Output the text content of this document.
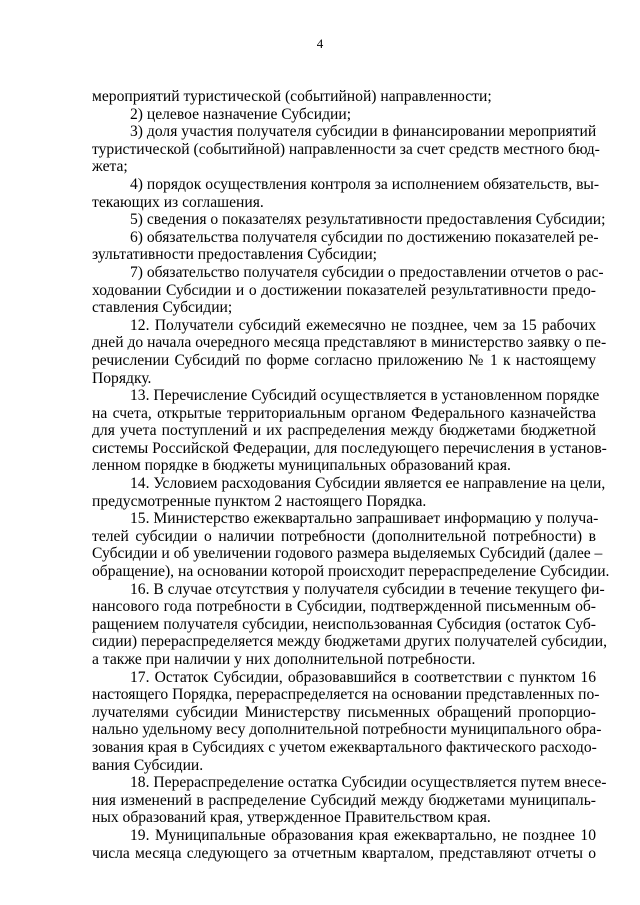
4
мероприятий туристической (событийной) направленности;
2) целевое назначение Субсидии;
3) доля участия получателя субсидии в финансировании мероприятий
туристической (событийной) направленности за счет средств местного бюд-
жета;
4) порядок осуществления контроля за исполнением обязательств, вы-
текающих из соглашения.
5) сведения о показателях результативности предоставления Субсидии;
6) обязательства получателя субсидии по достижению показателей ре-
зультативности предоставления Субсидии;
7) обязательство получателя субсидии о предоставлении отчетов о рас-
ходовании Субсидии и о достижении показателей результативности предо-
ставления Субсидии;
12. Получатели субсидий ежемесячно не позднее, чем за 15 рабочих
дней до начала очередного месяца представляют в министерство заявку о пе-
речислении Субсидий по форме согласно приложению № 1 к настоящему
Порядку.
13. Перечисление Субсидий осуществляется в установленном порядке
на счета, открытые территориальным органом Федерального казначейства
для учета поступлений и их распределения между бюджетами бюджетной
системы Российской Федерации, для последующего перечисления в установ-
ленном порядке в бюджеты муниципальных образований края.
14. Условием расходования Субсидии является ее направление на цели,
предусмотренные пунктом 2 настоящего Порядка.
15. Министерство ежеквартально запрашивает информацию у получа-
телей субсидии о наличии потребности (дополнительной потребности) в
Субсидии и об увеличении годового размера выделяемых Субсидий (далее –
обращение), на основании которой происходит перераспределение Субсидии.
16. В случае отсутствия у получателя субсидии в течение текущего фи-
нансового года потребности в Субсидии, подтвержденной письменным об-
ращением получателя субсидии, неиспользованная Субсидия (остаток Суб-
сидии) перераспределяется между бюджетами других получателей субсидии,
а также при наличии у них дополнительной потребности.
17. Остаток Субсидии, образовавшийся в соответствии с пунктом 16
настоящего Порядка, перераспределяется на основании представленных по-
лучателями субсидии Министерству письменных обращений пропорцио-
нально удельному весу дополнительной потребности муниципального обра-
зования края в Субсидиях с учетом ежеквартального фактического расходо-
вания Субсидии.
18. Перераспределение остатка Субсидии осуществляется путем внесе-
ния изменений в распределение Субсидий между бюджетами муниципаль-
ных образований края, утвержденное Правительством края.
19. Муниципальные образования края ежеквартально, не позднее 10
числа месяца следующего за отчетным кварталом, представляют отчеты о
